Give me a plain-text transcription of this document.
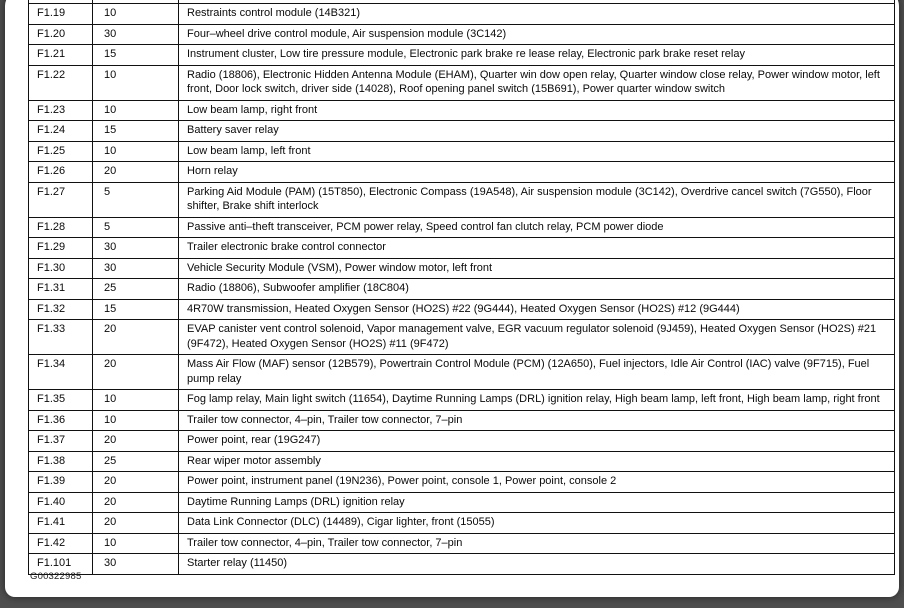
F1.19	10	Restraints control module (14B321)
F1.20	30	Four–wheel drive control module, Air suspension module (3C142)
F1.21	15	Instrument cluster, Low tire pressure module, Electronic park brake re lease relay, Electronic park brake reset relay
F1.22	10	Radio (18806), Electronic Hidden Antenna Module (EHAM), Quarter win dow open relay, Quarter window close relay, Power window motor, left front, Door lock switch, driver side (14028), Roof opening panel switch (15B691), Power quarter window switch
F1.23	10	Low beam lamp, right front
F1.24	15	Battery saver relay
F1.25	10	Low beam lamp, left front
F1.26	20	Horn relay
F1.27	5	Parking Aid Module (PAM) (15T850), Electronic Compass (19A548), Air suspension module (3C142), Overdrive cancel switch (7G550), Floor shifter, Brake shift interlock
F1.28	5	Passive anti–theft transceiver, PCM power relay, Speed control fan clutch relay, PCM power diode
F1.29	30	Trailer electronic brake control connector
F1.30	30	Vehicle Security Module (VSM), Power window motor, left front
F1.31	25	Radio (18806), Subwoofer amplifier (18C804)
F1.32	15	4R70W transmission, Heated Oxygen Sensor (HO2S) #22 (9G444), Heated Oxygen Sensor (HO2S) #12 (9G444)
F1.33	20	EVAP canister vent control solenoid, Vapor management valve, EGR vacuum regulator solenoid (9J459), Heated Oxygen Sensor (HO2S) #21 (9F472), Heated Oxygen Sensor (HO2S) #11 (9F472)
F1.34	20	Mass Air Flow (MAF) sensor (12B579), Powertrain Control Module (PCM) (12A650), Fuel injectors, Idle Air Control (IAC) valve (9F715), Fuel pump relay
F1.35	10	Fog lamp relay, Main light switch (11654), Daytime Running Lamps (DRL) ignition relay, High beam lamp, left front, High beam lamp, right front
F1.36	10	Trailer tow connector, 4–pin, Trailer tow connector, 7–pin
F1.37	20	Power point, rear (19G247)
F1.38	25	Rear wiper motor assembly
F1.39	20	Power point, instrument panel (19N236), Power point, console 1, Power point, console 2
F1.40	20	Daytime Running Lamps (DRL) ignition relay
F1.41	20	Data Link Connector (DLC) (14489), Cigar lighter, front (15055)
F1.42	10	Trailer tow connector, 4–pin, Trailer tow connector, 7–pin
F1.101	30	Starter relay (11450)
G00322985
